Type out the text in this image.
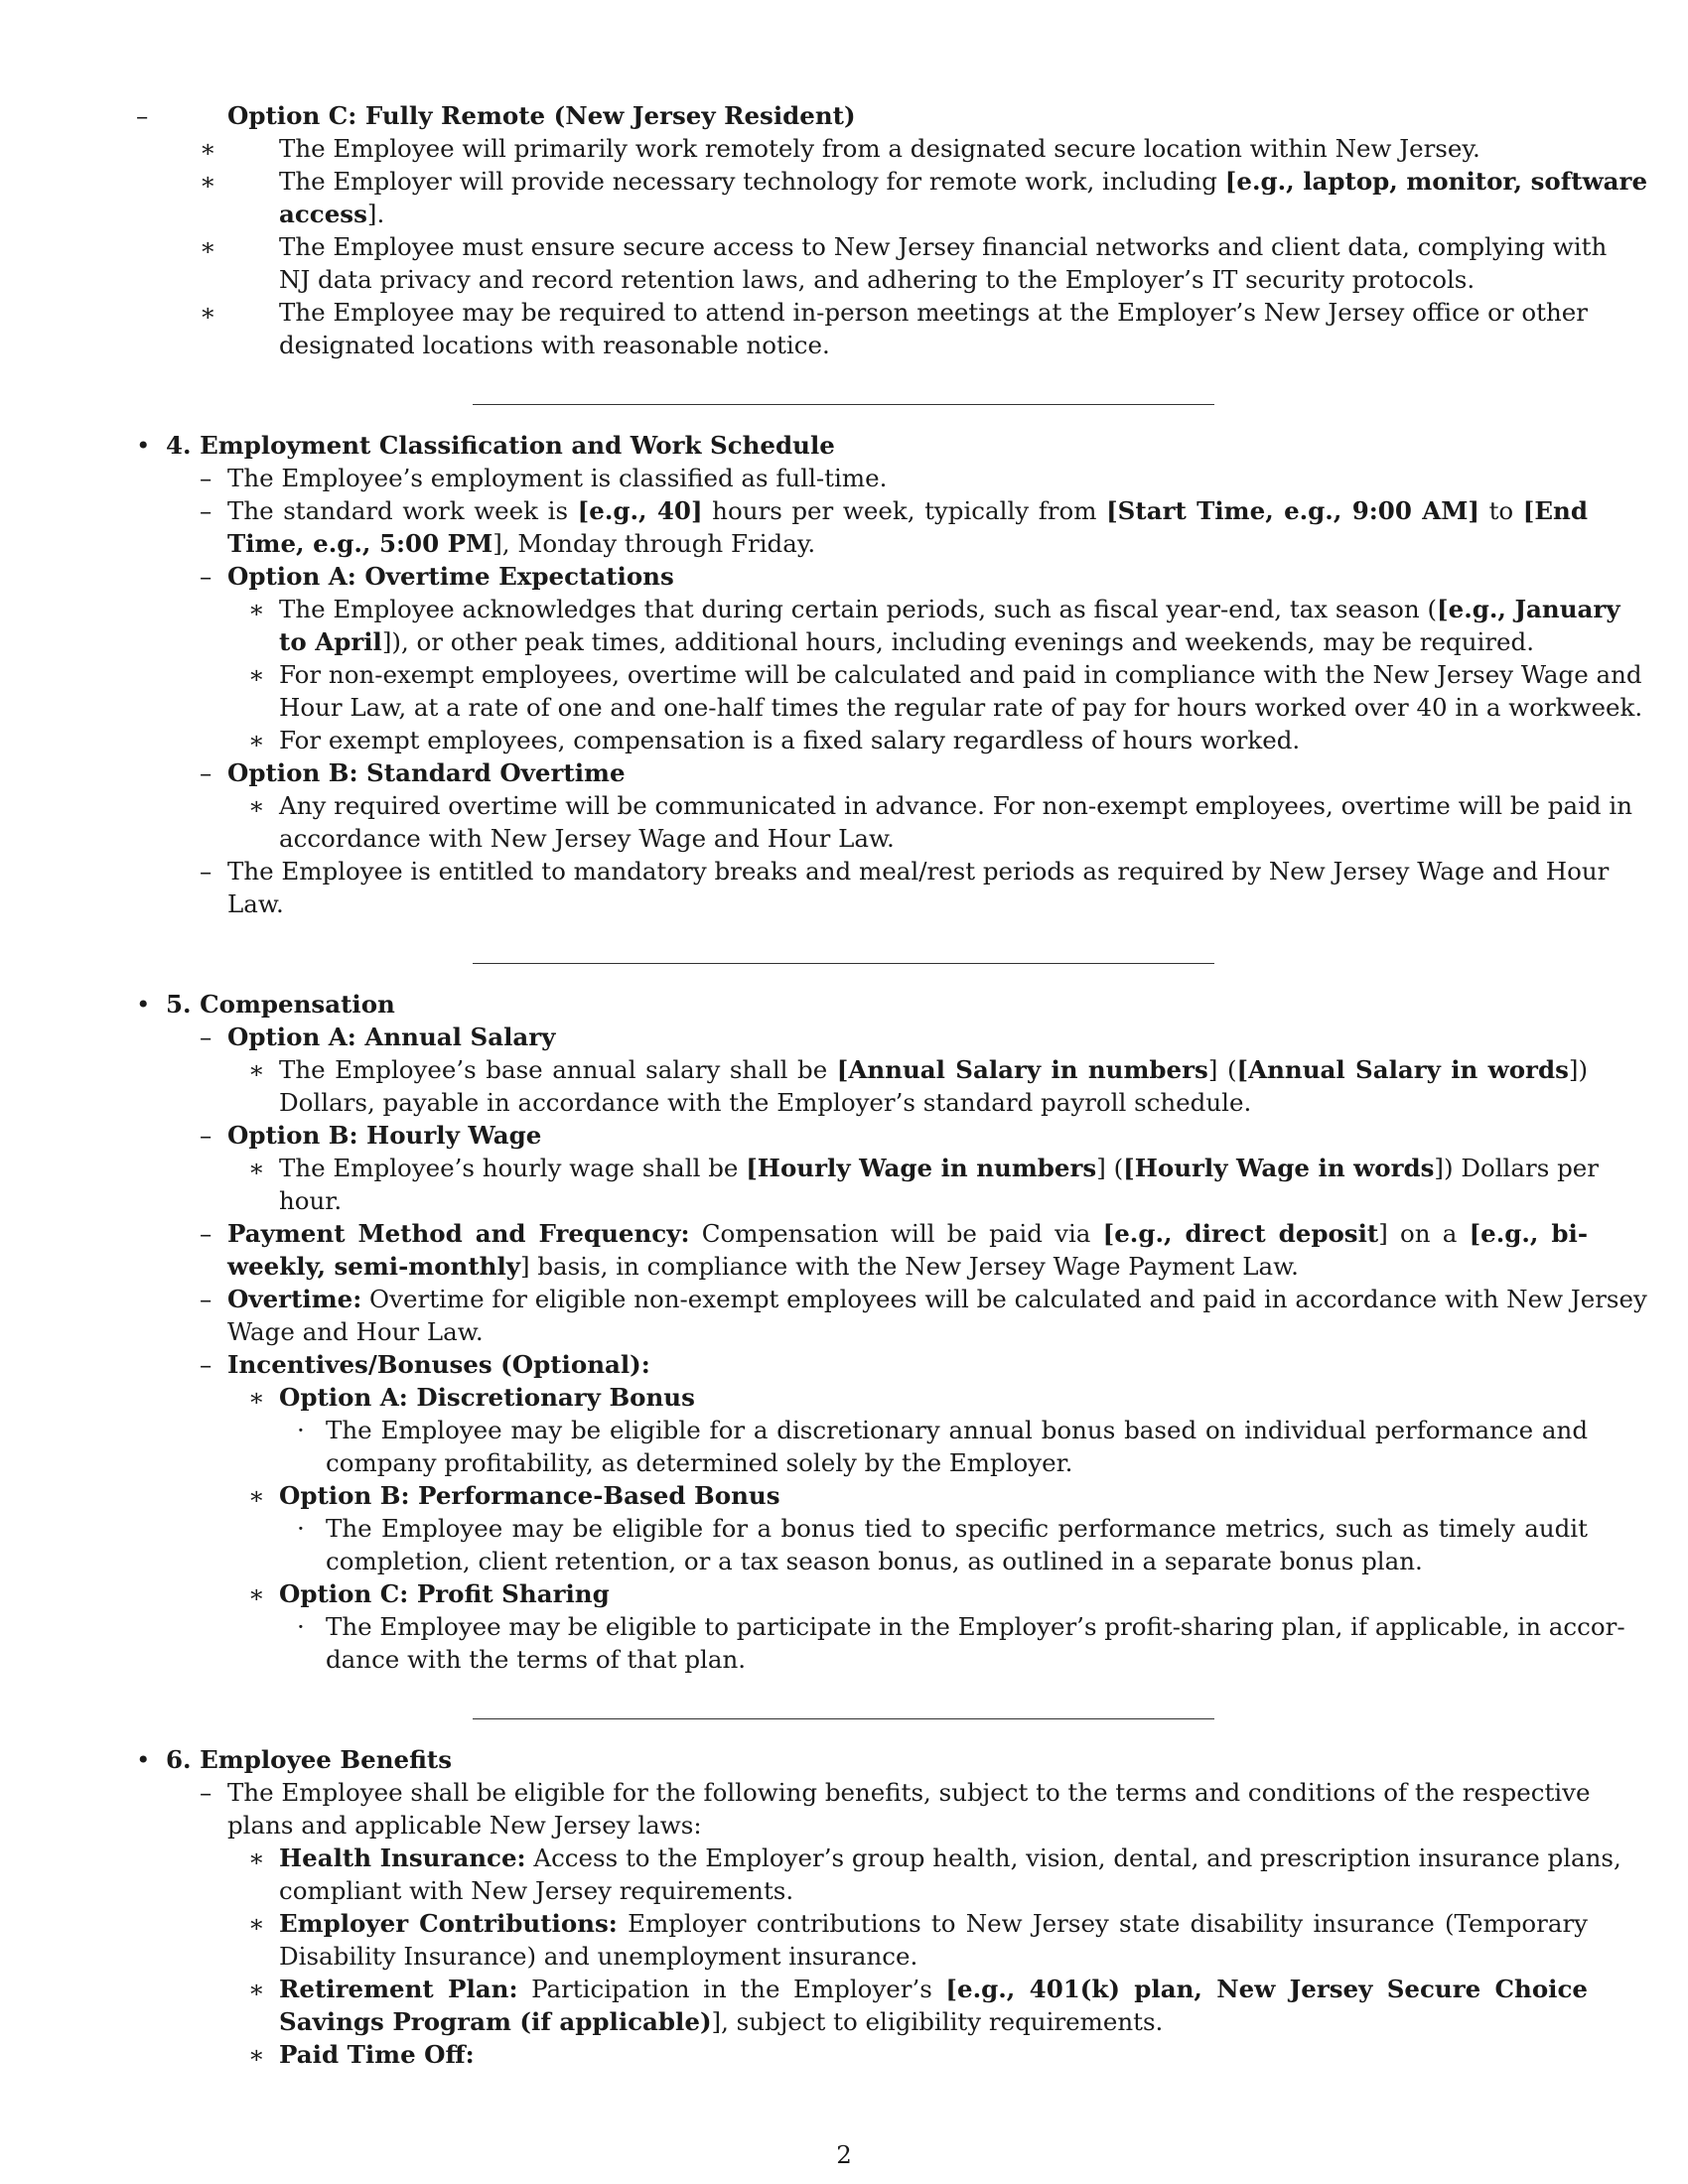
–	Option C: Fully Remote (New Jersey Resident)
∗	The Employee will primarily work remotely from a designated secure location within New Jersey.
∗	The Employer will provide necessary technology for remote work, including [e.g., laptop, monitor, software
access].
∗	The Employee must ensure secure access to New Jersey financial networks and client data, complying with
NJ data privacy and record retention laws, and adhering to the Employer’s IT security protocols.
∗	The Employee may be required to attend in-person meetings at the Employer’s New Jersey office or other
designated locations with reasonable notice.
• 4. Employment Classification and Work Schedule
– The Employee’s employment is classified as full-time.
– The standard work week is [e.g., 40] hours per week, typically from [Start Time, e.g., 9:00 AM] to [End
Time, e.g., 5:00 PM], Monday through Friday.
– Option A: Overtime Expectations
∗ The Employee acknowledges that during certain periods, such as fiscal year-end, tax season ([e.g., January
to April]), or other peak times, additional hours, including evenings and weekends, may be required.
∗ For non-exempt employees, overtime will be calculated and paid in compliance with the New Jersey Wage and
Hour Law, at a rate of one and one-half times the regular rate of pay for hours worked over 40 in a workweek.
∗ For exempt employees, compensation is a fixed salary regardless of hours worked.
– Option B: Standard Overtime
∗ Any required overtime will be communicated in advance. For non-exempt employees, overtime will be paid in
accordance with New Jersey Wage and Hour Law.
– The Employee is entitled to mandatory breaks and meal/rest periods as required by New Jersey Wage and Hour
Law.
• 5. Compensation
– Option A: Annual Salary
∗ The Employee’s base annual salary shall be [Annual Salary in numbers] ([Annual Salary in words])
Dollars, payable in accordance with the Employer’s standard payroll schedule.
– Option B: Hourly Wage
∗ The Employee’s hourly wage shall be [Hourly Wage in numbers] ([Hourly Wage in words]) Dollars per
hour.
– Payment Method and Frequency: Compensation will be paid via [e.g., direct deposit] on a [e.g., bi-
weekly, semi-monthly] basis, in compliance with the New Jersey Wage Payment Law.
– Overtime: Overtime for eligible non-exempt employees will be calculated and paid in accordance with New Jersey
Wage and Hour Law.
– Incentives/Bonuses (Optional):
∗ Option A: Discretionary Bonus
· The Employee may be eligible for a discretionary annual bonus based on individual performance and
company profitability, as determined solely by the Employer.
∗ Option B: Performance-Based Bonus
· The Employee may be eligible for a bonus tied to specific performance metrics, such as timely audit
completion, client retention, or a tax season bonus, as outlined in a separate bonus plan.
∗ Option C: Profit Sharing
· The Employee may be eligible to participate in the Employer’s profit-sharing plan, if applicable, in accor-
dance with the terms of that plan.
• 6. Employee Benefits
– The Employee shall be eligible for the following benefits, subject to the terms and conditions of the respective
plans and applicable New Jersey laws:
∗ Health Insurance: Access to the Employer’s group health, vision, dental, and prescription insurance plans,
compliant with New Jersey requirements.
∗ Employer Contributions: Employer contributions to New Jersey state disability insurance (Temporary
Disability Insurance) and unemployment insurance.
∗ Retirement Plan: Participation in the Employer’s [e.g., 401(k) plan, New Jersey Secure Choice
Savings Program (if applicable)], subject to eligibility requirements.
∗ Paid Time Off:
2
